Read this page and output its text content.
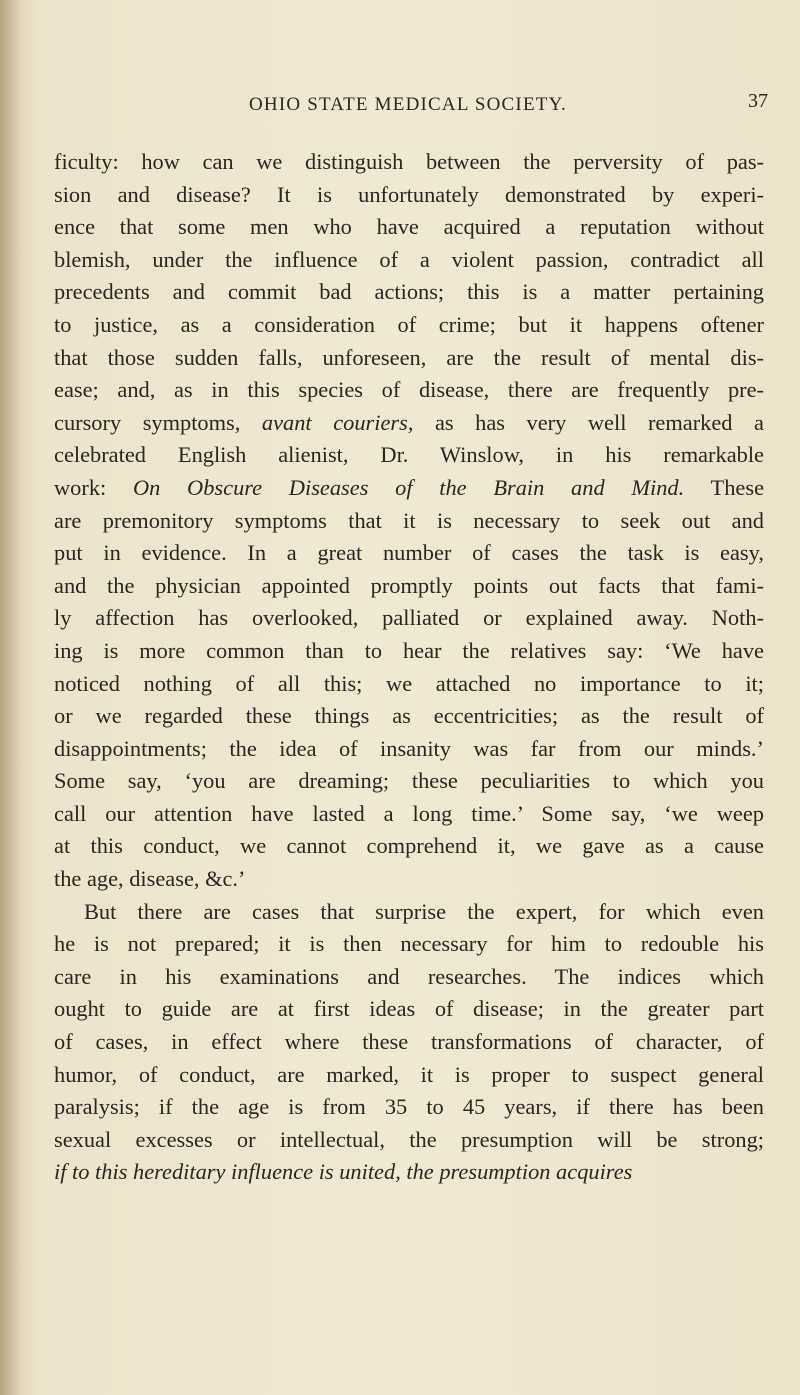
OHIO STATE MEDICAL SOCIETY.	37
ficulty: how can we distinguish between the perversity of pas-
sion and disease? It is unfortunately demonstrated by experi-
ence that some men who have acquired a reputation without
blemish, under the influence of a violent passion, contradict all
precedents and commit bad actions; this is a matter pertaining
to justice, as a consideration of crime; but it happens oftener
that those sudden falls, unforeseen, are the result of mental dis-
ease; and, as in this species of disease, there are frequently pre-
cursory symptoms, avant couriers, as has very well remarked a
celebrated English alienist, Dr. Winslow, in his remarkable
work: On Obscure Diseases of the Brain and Mind. These
are premonitory symptoms that it is necessary to seek out and
put in evidence. In a great number of cases the task is easy,
and the physician appointed promptly points out facts that fami-
ly affection has overlooked, palliated or explained away. Noth-
ing is more common than to hear the relatives say: ‘We have
noticed nothing of all this; we attached no importance to it;
or we regarded these things as eccentricities; as the result of
disappointments; the idea of insanity was far from our minds.’
Some say, ‘you are dreaming; these peculiarities to which you
call our attention have lasted a long time.’ Some say, ‘we weep
at this conduct, we cannot comprehend it, we gave as a cause
the age, disease, &c.’
But there are cases that surprise the expert, for which even
he is not prepared; it is then necessary for him to redouble his
care in his examinations and researches. The indices which
ought to guide are at first ideas of disease; in the greater part
of cases, in effect where these transformations of character, of
humor, of conduct, are marked, it is proper to suspect general
paralysis; if the age is from 35 to 45 years, if there has been
sexual excesses or intellectual, the presumption will be strong;
if to this hereditary influence is united, the presumption acquires
